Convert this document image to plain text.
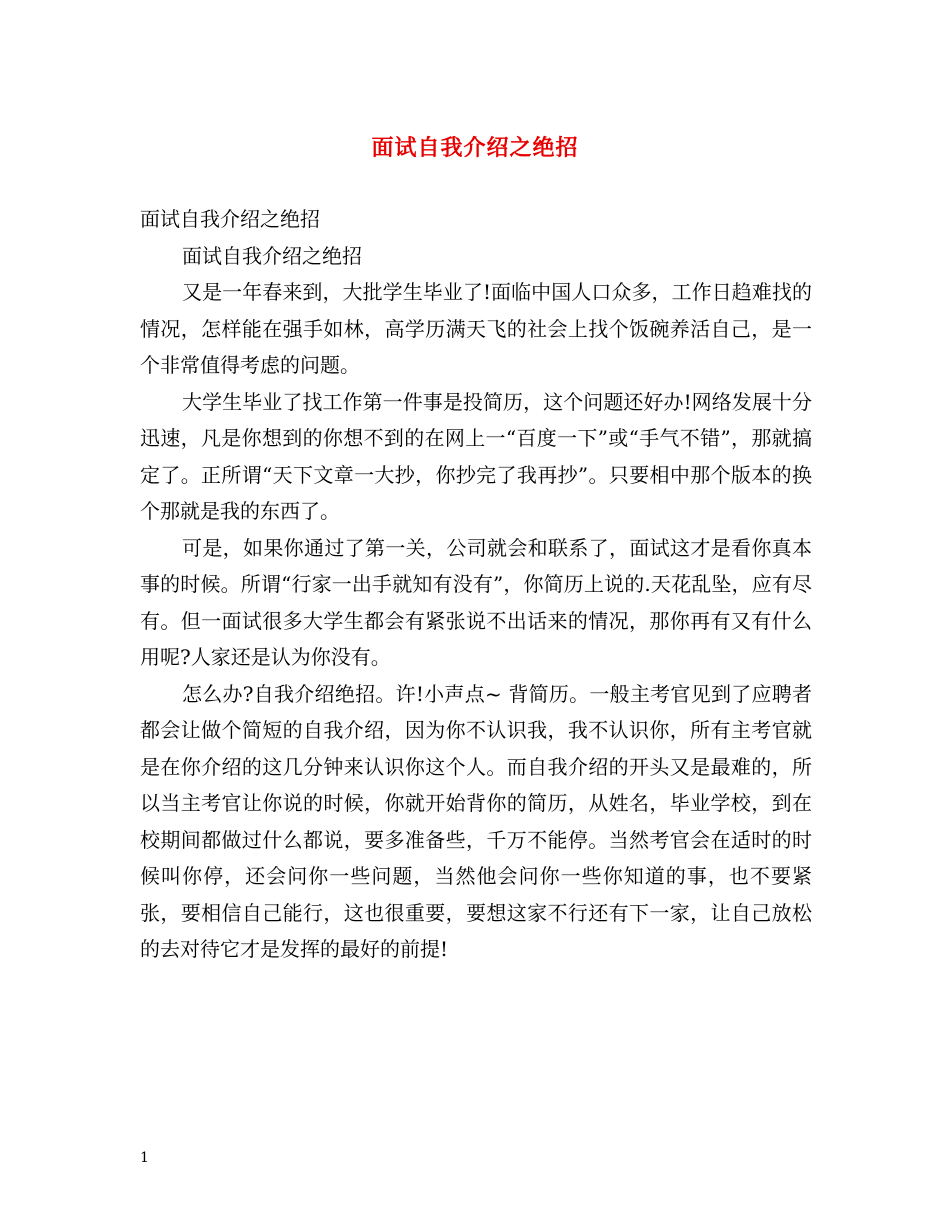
面试自我介绍之绝招

面试自我介绍之绝招

面试自我介绍之绝招

又是一年春来到，大批学生毕业了!面临中国人口众多，工作日趋难找的情况，怎样能在强手如林，高学历满天飞的社会上找个饭碗养活自己，是一个非常值得考虑的问题。

大学生毕业了找工作第一件事是投简历，这个问题还好办!网络发展十分迅速，凡是你想到的你想不到的在网上一“百度一下”或“手气不错”，那就搞定了。正所谓“天下文章一大抄，你抄完了我再抄”。只要相中那个版本的换个那就是我的东西了。

可是，如果你通过了第一关，公司就会和联系了，面试这才是看你真本事的时候。所谓“行家一出手就知有没有”，你简历上说的.天花乱坠，应有尽有。但一面试很多大学生都会有紧张说不出话来的情况，那你再有又有什么用呢?人家还是认为你没有。

怎么办?自我介绍绝招。许!小声点~ 背简历。一般主考官见到了应聘者都会让做个简短的自我介绍，因为你不认识我，我不认识你，所有主考官就是在你介绍的这几分钟来认识你这个人。而自我介绍的开头又是最难的，所以当主考官让你说的时候，你就开始背你的简历，从姓名，毕业学校，到在校期间都做过什么都说，要多准备些，千万不能停。当然考官会在适时的时候叫你停，还会问你一些问题，当然他会问你一些你知道的事，也不要紧张，要相信自己能行，这也很重要，要想这家不行还有下一家，让自己放松的去对待它才是发挥的最好的前提!

1
